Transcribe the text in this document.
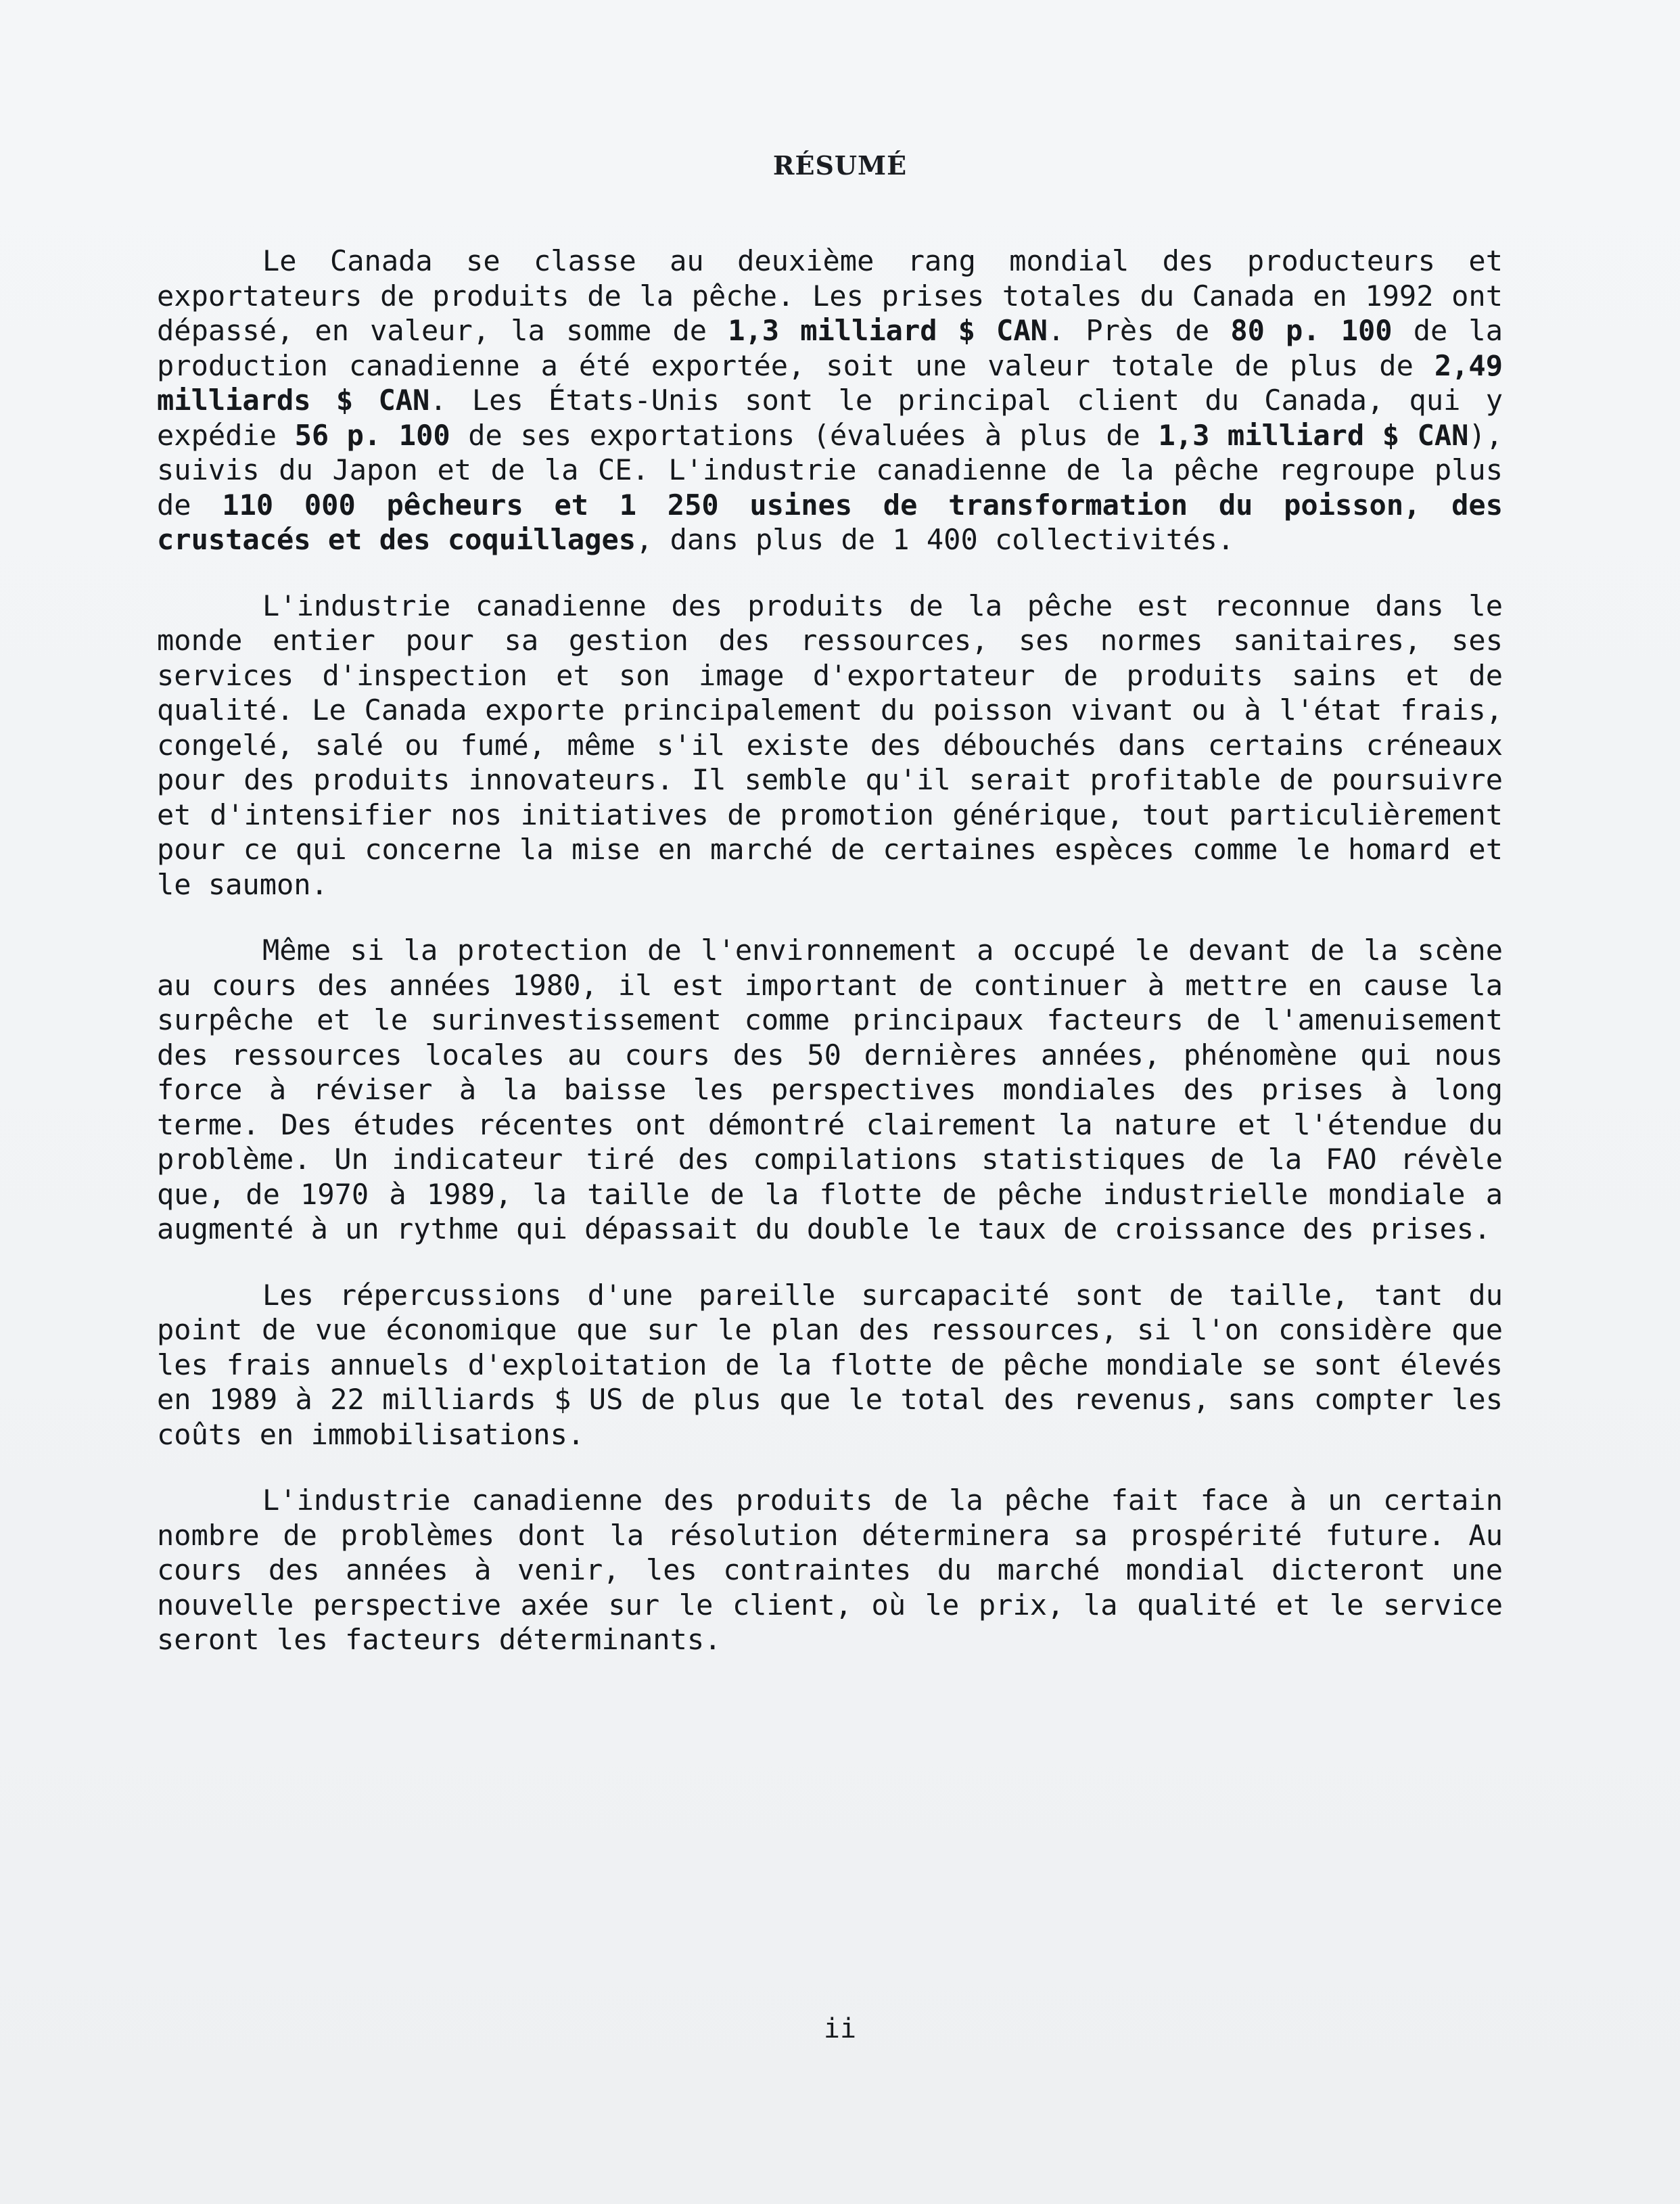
RÉSUMÉ

Le Canada se classe au deuxième rang mondial des producteurs et exportateurs de produits de la pêche. Les prises totales du Canada en 1992 ont dépassé, en valeur, la somme de 1,3 milliard $ CAN. Près de 80 p. 100 de la production canadienne a été exportée, soit une valeur totale de plus de 2,49 milliards $ CAN. Les États-Unis sont le principal client du Canada, qui y expédie 56 p. 100 de ses exportations (évaluées à plus de 1,3 milliard $ CAN), suivis du Japon et de la CE. L'industrie canadienne de la pêche regroupe plus de 110 000 pêcheurs et 1 250 usines de transformation du poisson, des crustacés et des coquillages, dans plus de 1 400 collectivités.

L'industrie canadienne des produits de la pêche est reconnue dans le monde entier pour sa gestion des ressources, ses normes sanitaires, ses services d'inspection et son image d'exportateur de produits sains et de qualité. Le Canada exporte principalement du poisson vivant ou à l'état frais, congelé, salé ou fumé, même s'il existe des débouchés dans certains créneaux pour des produits innovateurs. Il semble qu'il serait profitable de poursuivre et d'intensifier nos initiatives de promotion générique, tout particulièrement pour ce qui concerne la mise en marché de certaines espèces comme le homard et le saumon.

Même si la protection de l'environnement a occupé le devant de la scène au cours des années 1980, il est important de continuer à mettre en cause la surpêche et le surinvestissement comme principaux facteurs de l'amenuisement des ressources locales au cours des 50 dernières années, phénomène qui nous force à réviser à la baisse les perspectives mondiales des prises à long terme. Des études récentes ont démontré clairement la nature et l'étendue du problème. Un indicateur tiré des compilations statistiques de la FAO révèle que, de 1970 à 1989, la taille de la flotte de pêche industrielle mondiale a augmenté à un rythme qui dépassait du double le taux de croissance des prises.

Les répercussions d'une pareille surcapacité sont de taille, tant du point de vue économique que sur le plan des ressources, si l'on considère que les frais annuels d'exploitation de la flotte de pêche mondiale se sont élevés en 1989 à 22 milliards $ US de plus que le total des revenus, sans compter les coûts en immobilisations.

L'industrie canadienne des produits de la pêche fait face à un certain nombre de problèmes dont la résolution déterminera sa prospérité future. Au cours des années à venir, les contraintes du marché mondial dicteront une nouvelle perspective axée sur le client, où le prix, la qualité et le service seront les facteurs déterminants.

ii
